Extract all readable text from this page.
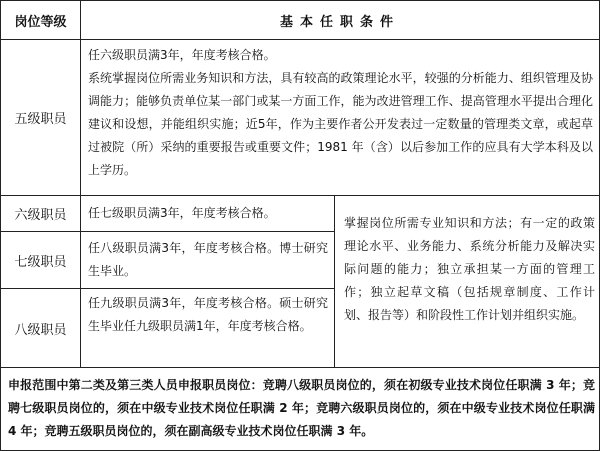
岗位等级	基本任职条件
五级职员
任六级职员满3年，年度考核合格。
系统掌握岗位所需业务知识和方法，具有较高的政策理论水平，较强的分析能力、组织管理及协调能力；能够负责单位某一部门或某一方面工作，能为改进管理工作、提高管理水平提出合理化建议和设想，并能组织实施；近5年，作为主要作者公开发表过一定数量的管理类文章，或起草过被院（所）采纳的重要报告或重要文件；1981 年（含）以后参加工作的应具有大学本科及以上学历。
六级职员	任七级职员满3年，年度考核合格。
七级职员
任八级职员满3年，年度考核合格。博士研究生毕业。
八级职员
任九级职员满3年，年度考核合格。硕士研究生毕业任九级职员满1年，年度考核合格。
掌握岗位所需专业知识和方法；有一定的政策理论水平、业务能力、系统分析能力及解决实际问题的能力；独立承担某一方面的管理工作；独立起草文稿（包括规章制度、工作计划、报告等）和阶段性工作计划并组织实施。
申报范围中第二类及第三类人员申报职员岗位：竞聘八级职员岗位的，须在初级专业技术岗位任职满 3 年；竞聘七级职员岗位的，须在中级专业技术岗位任职满 2 年；竞聘六级职员岗位的，须在中级专业技术岗位任职满 4 年；竞聘五级职员岗位的，须在副高级专业技术岗位任职满 3 年。
